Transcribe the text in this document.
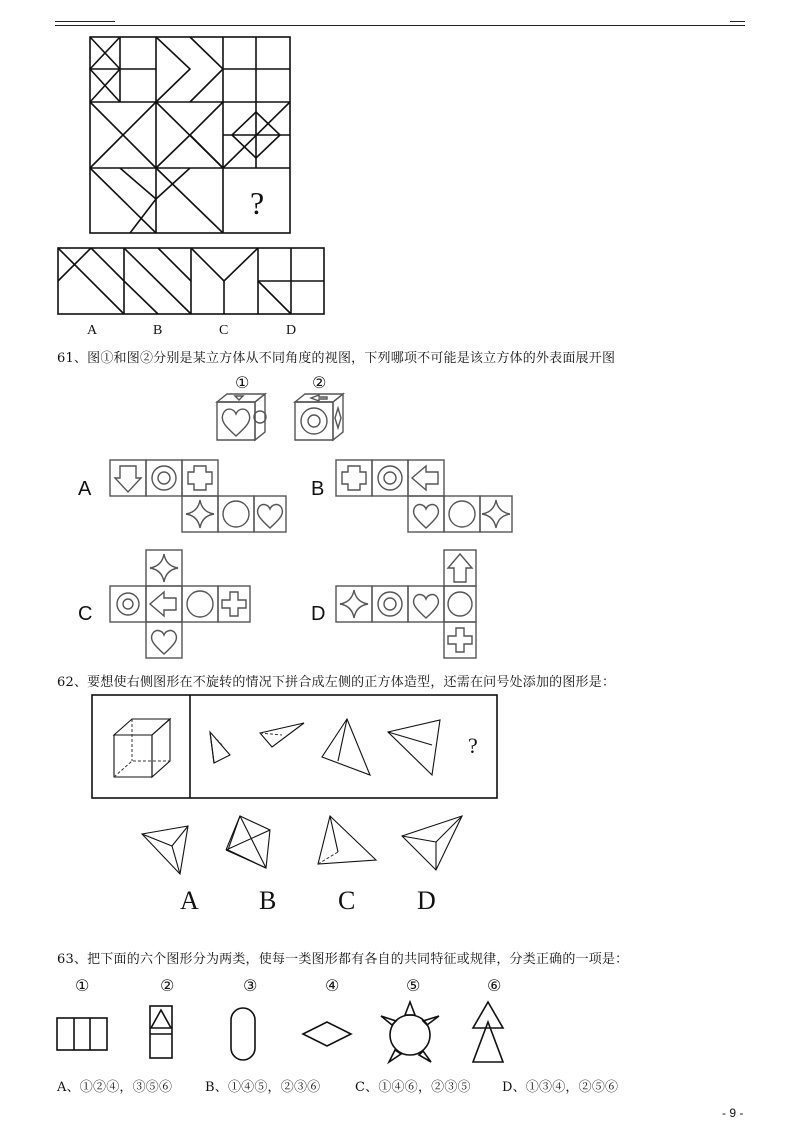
?
A	B	C	D
61、图①和图②分别是某立方体从不同角度的视图，下列哪项不可能是该立方体的外表面展开图
①	②
A	B
C	D
62、要想使右侧图形在不旋转的情况下拼合成左侧的正方体造型，还需在问号处添加的图形是：
?
A B C D
63、把下面的六个图形分为两类，使每一类图形都有各自的共同特征或规律，分类正确的一项是：
①	②	③	④	⑤	⑥
A、①②④，③⑤⑥	B、①④⑤，②③⑥	C、①④⑥，②③⑤ D、①③④，②⑤⑥
- 9 -
